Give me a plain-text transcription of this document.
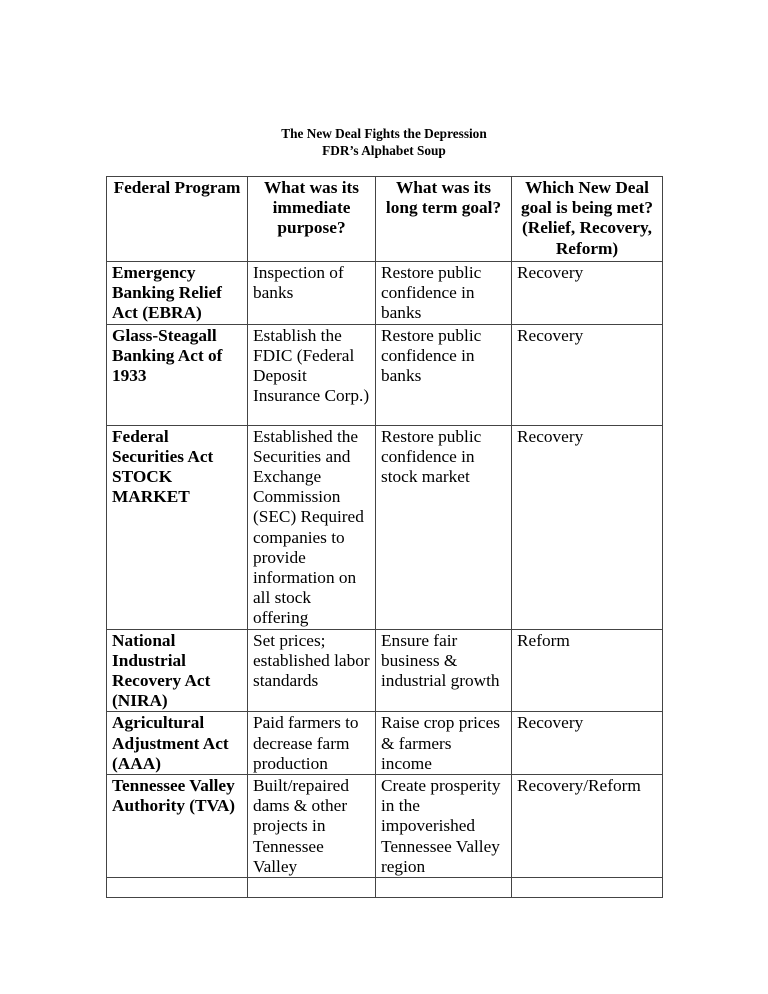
The New Deal Fights the Depression
FDR’s Alphabet Soup
Federal Program	What was its immediate purpose?	What was its long term goal?	Which New Deal goal is being met? (Relief, Recovery, Reform)
Emergency Banking Relief Act (EBRA)	Inspection of banks	Restore public confidence in banks	Recovery
Glass-Steagall Banking Act of 1933	Establish the FDIC (Federal Deposit Insurance Corp.)	Restore public confidence in banks	Recovery
Federal Securities Act STOCK MARKET	Established the Securities and Exchange Commission (SEC) Required companies to provide information on all stock offering	Restore public confidence in stock market	Recovery
National Industrial Recovery Act (NIRA)	Set prices; established labor standards	Ensure fair business & industrial growth	Reform
Agricultural Adjustment Act (AAA)	Paid farmers to decrease farm production	Raise crop prices & farmers income	Recovery
Tennessee Valley Authority (TVA)	Built/repaired dams & other projects in Tennessee Valley	Create prosperity in the impoverished Tennessee Valley region	Recovery/Reform
